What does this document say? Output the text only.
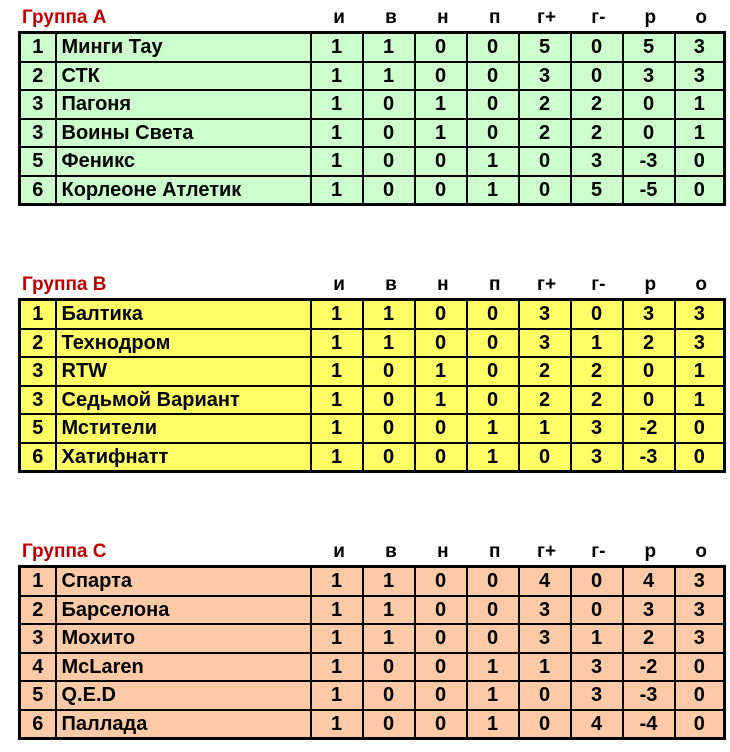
Группа А	и	в	н	п	г+	г-	р	о
1	Минги Тау	1	1	0	0	5	0	5	3
2	СТК	1	1	0	0	3	0	3	3
3	Пагоня	1	0	1	0	2	2	0	1
3	Воины Света	1	0	1	0	2	2	0	1
5	Феникс	1	0	0	1	0	3	-3	0
6	Корлеоне Атлетик	1	0	0	1	0	5	-5	0
Группа В	и	в	н	п	г+	г-	р	о
1	Балтика	1	1	0	0	3	0	3	3
2	Технодром	1	1	0	0	3	1	2	3
3	RTW	1	0	1	0	2	2	0	1
3	Седьмой Вариант	1	0	1	0	2	2	0	1
5	Мстители	1	0	0	1	1	3	-2	0
6	Хатифнатт	1	0	0	1	0	3	-3	0
Группа С	и	в	н	п	г+	г-	р	о
1	Спарта	1	1	0	0	4	0	4	3
2	Барселона	1	1	0	0	3	0	3	3
3	Мохито	1	1	0	0	3	1	2	3
4	McLaren	1	0	0	1	1	3	-2	0
5	Q.E.D	1	0	0	1	0	3	-3	0
6	Паллада	1	0	0	1	0	4	-4	0
